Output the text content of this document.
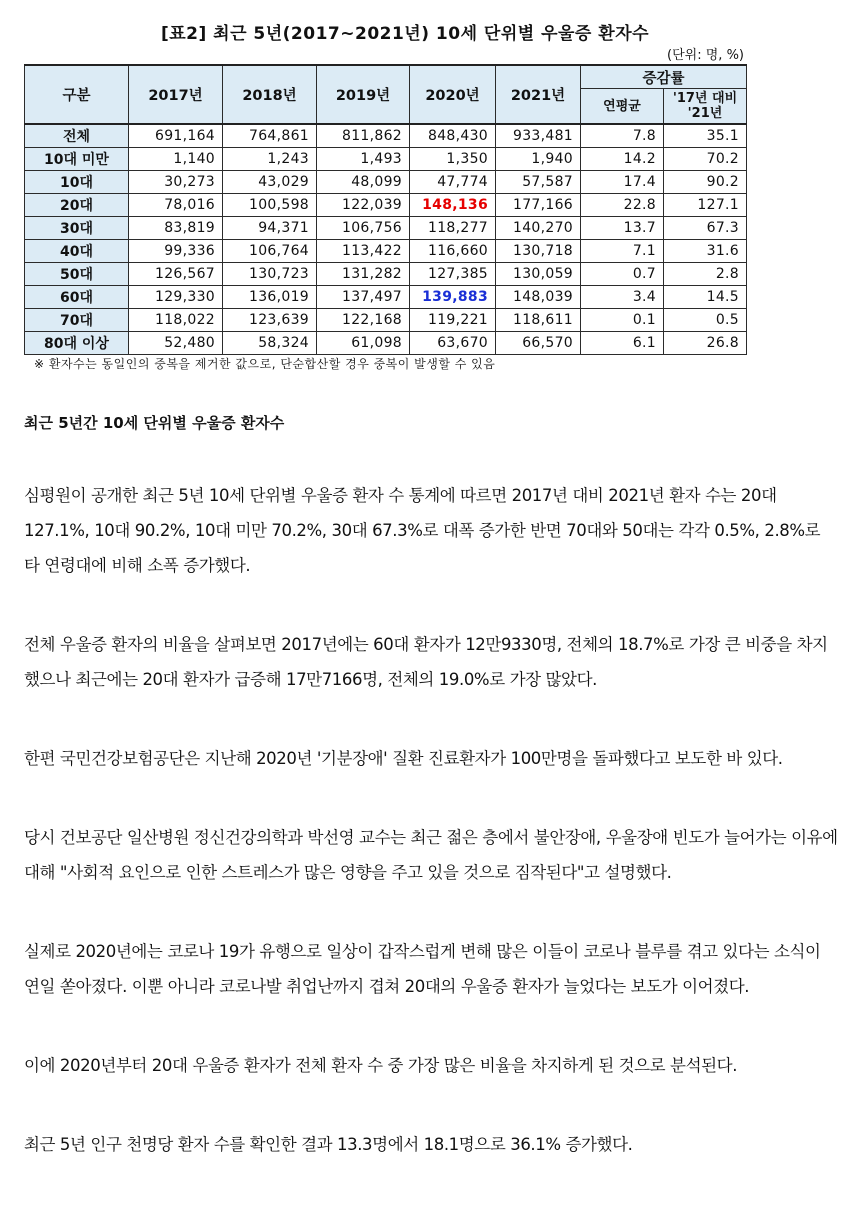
[표2] 최근 5년(2017~2021년) 10세 단위별 우울증 환자수
(단위: 명, %)
구분	2017년	2018년	2019년	2020년	2021년	증감률	
						연평균	'17년 대비
'21년

전체	691,164	764,861	811,862	848,430	933,481	7.8	35.1
10대 미만	1,140	1,243	1,493	1,350	1,940	14.2	70.2
10대	30,273	43,029	48,099	47,774	57,587	17.4	90.2
20대	78,016	100,598	122,039	148,136	177,166	22.8	127.1
30대	83,819	94,371	106,756	118,277	140,270	13.7	67.3
40대	99,336	106,764	113,422	116,660	130,718	7.1	31.6
50대	126,567	130,723	131,282	127,385	130,059	0.7	2.8
60대	129,330	136,019	137,497	139,883	148,039	3.4	14.5
70대	118,022	123,639	122,168	119,221	118,611	0.1	0.5
80대 이상	52,480	58,324	61,098	63,670	66,570	6.1	26.8
※ 환자수는 동일인의 중복을 제거한 값으로, 단순합산할 경우 중복이 발생할 수 있음
최근 5년간 10세 단위별 우울증 환자수

심평원이 공개한 최근 5년 10세 단위별 우울증 환자 수 통계에 따르면 2017년 대비 2021년 환자 수는 20대 127.1%, 10대 90.2%, 10대 미만 70.2%, 30대 67.3%로 대폭 증가한 반면 70대와 50대는 각각 0.5%, 2.8%로 타 연령대에 비해 소폭 증가했다.

전체 우울증 환자의 비율을 살펴보면 2017년에는 60대 환자가 12만9330명, 전체의 18.7%로 가장 큰 비중을 차지했으나 최근에는 20대 환자가 급증해 17만7166명, 전체의 19.0%로 가장 많았다.

한편 국민건강보험공단은 지난해 2020년 '기분장애' 질환 진료환자가 100만명을 돌파했다고 보도한 바 있다.

당시 건보공단 일산병원 정신건강의학과 박선영 교수는 최근 젊은 층에서 불안장애, 우울장애 빈도가 늘어가는 이유에 대해 "사회적 요인으로 인한 스트레스가 많은 영향을 주고 있을 것으로 짐작된다"고 설명했다.

실제로 2020년에는 코로나 19가 유행으로 일상이 갑작스럽게 변해 많은 이들이 코로나 블루를 겪고 있다는 소식이 연일 쏟아졌다. 이뿐 아니라 코로나발 취업난까지 겹쳐 20대의 우울증 환자가 늘었다는 보도가 이어졌다.

이에 2020년부터 20대 우울증 환자가 전체 환자 수 중 가장 많은 비율을 차지하게 된 것으로 분석된다.

최근 5년 인구 천명당 환자 수를 확인한 결과 13.3명에서 18.1명으로 36.1% 증가했다.
